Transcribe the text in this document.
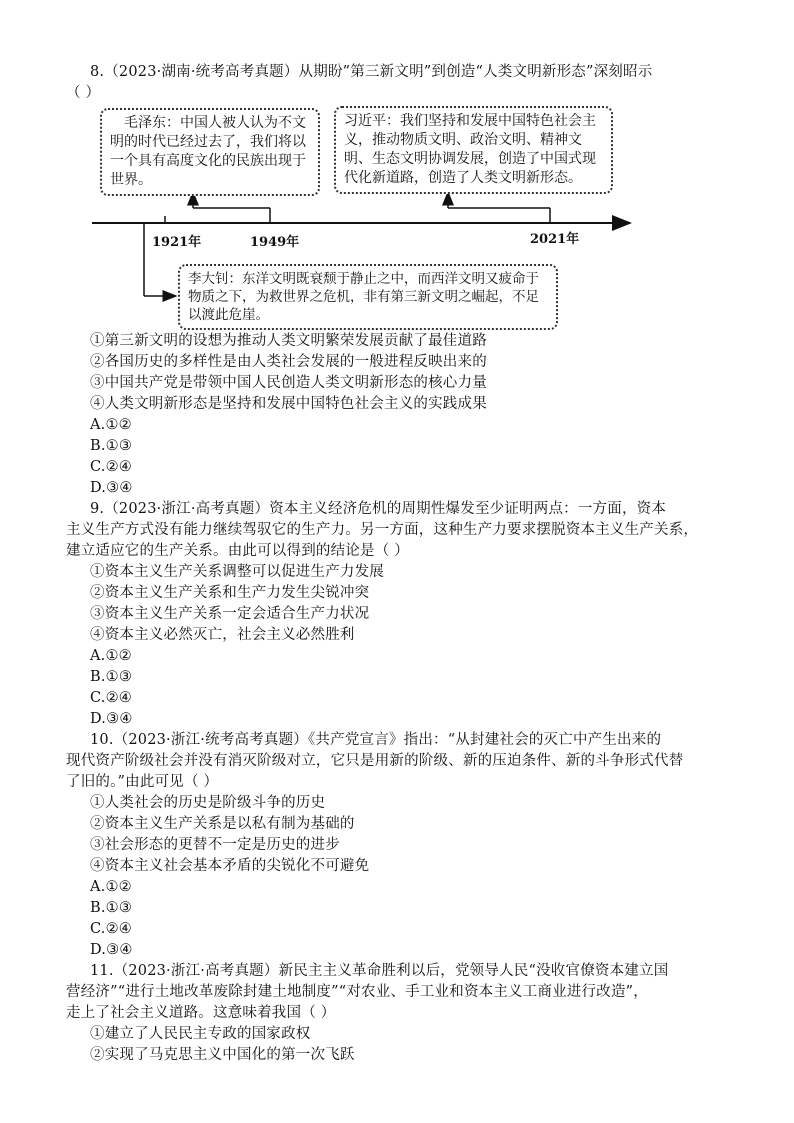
8.（2023·湖南·统考高考真题）从期盼”第三新文明”到创造“人类文明新形态”深刻昭示
（ ）
毛泽东：中国人被人认为不文明的时代已经过去了，我们将以一个具有高度文化的民族出现于世界。
习近平：我们坚持和发展中国特色社会主义，推动物质文明、政治文明、精神文明、生态文明协调发展，创造了中国式现代化新道路，创造了人类文明新形态。
李大钊：东洋文明既衰颓于静止之中，而西洋文明又疲命于物质之下，为救世界之危机，非有第三新文明之崛起，不足以渡此危崖。
1921年	1949年	2021年
①第三新文明的设想为推动人类文明繁荣发展贡献了最佳道路
②各国历史的多样性是由人类社会发展的一般进程反映出来的
③中国共产党是带领中国人民创造人类文明新形态的核心力量
④人类文明新形态是坚持和发展中国特色社会主义的实践成果
A.①②
B.①③
C.②④
D.③④
9.（2023·浙江·高考真题）资本主义经济危机的周期性爆发至少证明两点：一方面，资本
主义生产方式没有能力继续驾驭它的生产力。另一方面，这种生产力要求摆脱资本主义生产关系，
建立适应它的生产关系。由此可以得到的结论是（ ）
①资本主义生产关系调整可以促进生产力发展
②资本主义生产关系和生产力发生尖锐冲突
③资本主义生产关系一定会适合生产力状况
④资本主义必然灭亡，社会主义必然胜利
A.①②
B.①③
C.②④
D.③④
10.（2023·浙江·统考高考真题）《共产党宣言》指出：“从封建社会的灭亡中产生出来的
现代资产阶级社会并没有消灭阶级对立，它只是用新的阶级、新的压迫条件、新的斗争形式代替
了旧的。”由此可见（ ）
①人类社会的历史是阶级斗争的历史
②资本主义生产关系是以私有制为基础的
③社会形态的更替不一定是历史的进步
④资本主义社会基本矛盾的尖锐化不可避免
A.①②
B.①③
C.②④
D.③④
11.（2023·浙江·高考真题）新民主主义革命胜利以后，党领导人民“没收官僚资本建立国
营经济”“进行土地改革废除封建土地制度”“对农业、手工业和资本主义工商业进行改造”，
走上了社会主义道路。这意味着我国（ ）
①建立了人民民主专政的国家政权
②实现了马克思主义中国化的第一次飞跃
